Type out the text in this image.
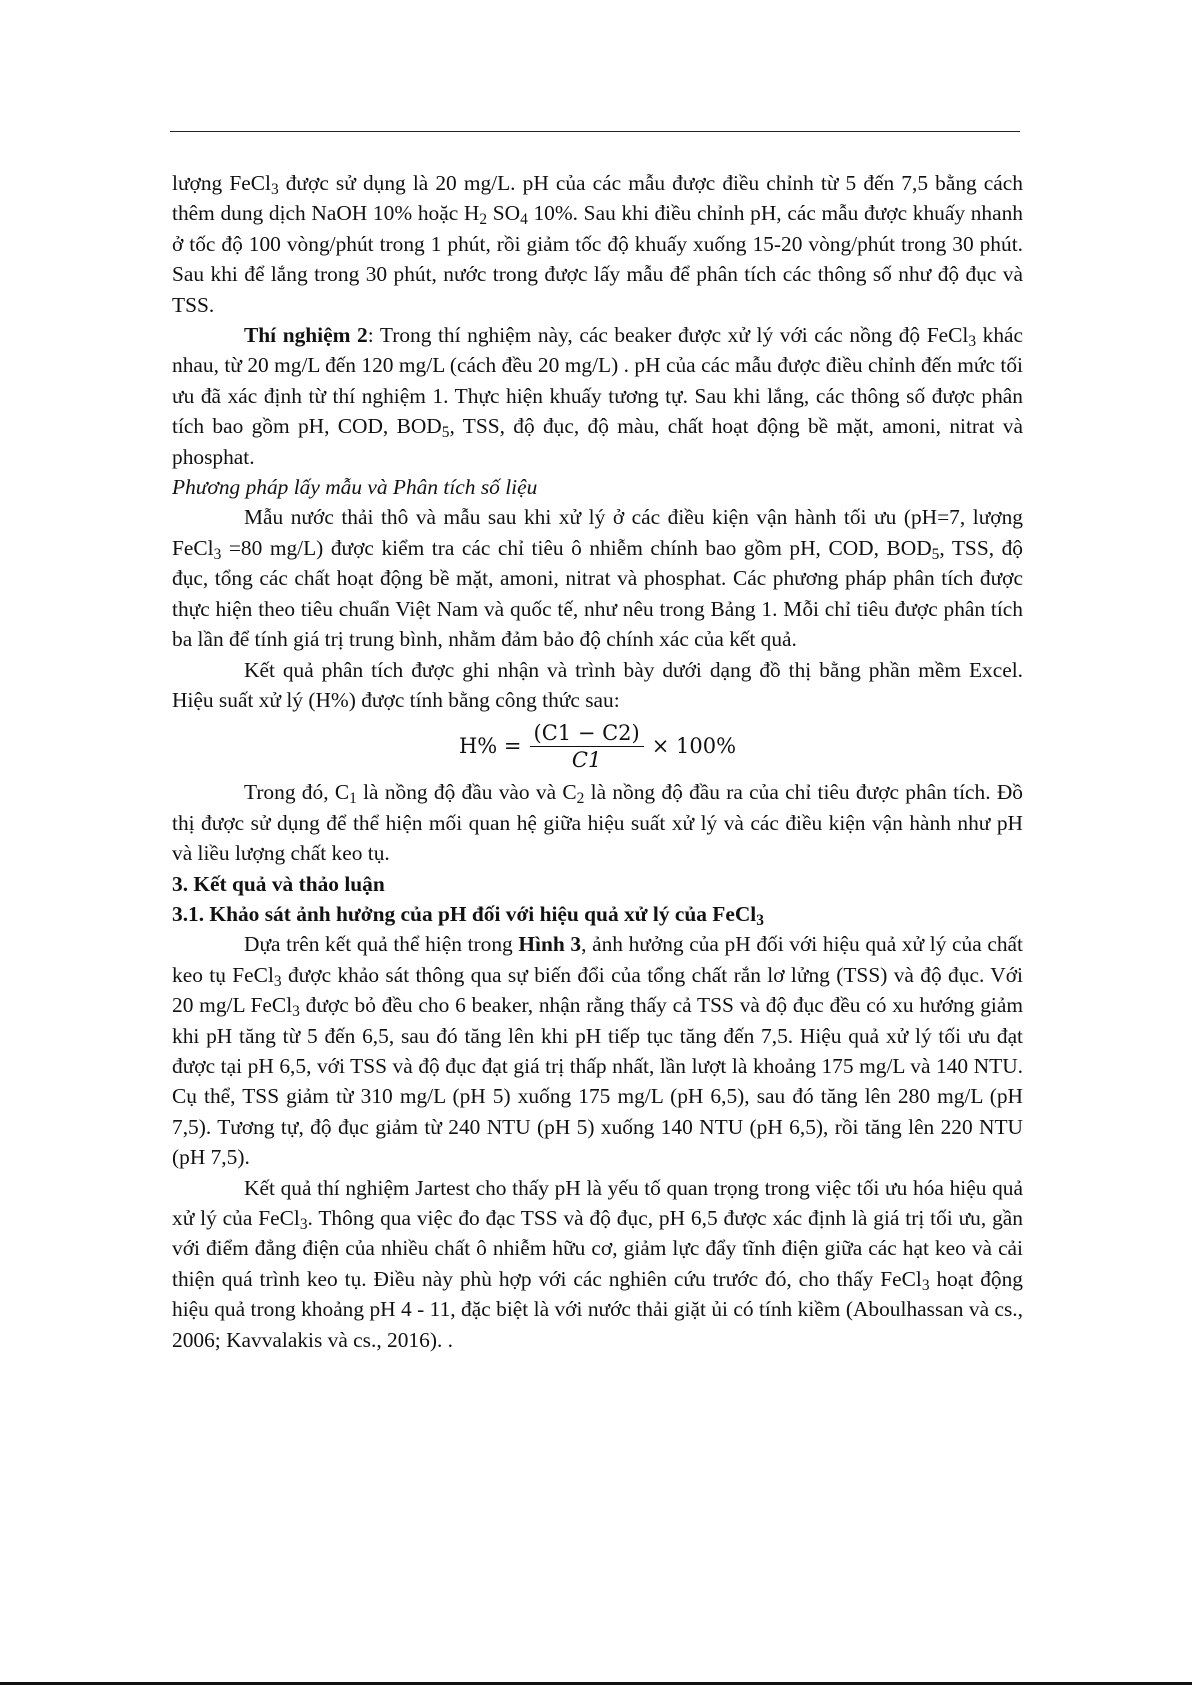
lượng FeCl$_3$ được sử dụng là 20 mg/L. pH của các mẫu được điều chỉnh từ 5 đến 7,5 bằng cách thêm dung dịch NaOH 10% hoặc $H_2$ $SO_4$ 10%. Sau khi điều chỉnh pH, các mẫu được khuấy nhanh ở tốc độ 100 vòng/phút trong 1 phút, rồi giảm tốc độ khuấy xuống 15-20 vòng/phút trong 30 phút. Sau khi để lắng trong 30 phút, nước trong được lấy mẫu để phân tích các thông số như độ đục và TSS.

Thí nghiệm 2: Trong thí nghiệm này, các beaker được xử lý với các nồng độ FeCl$_3$ khác nhau, từ 20 mg/L đến 120 mg/L (cách đều 20 mg/L) . pH của các mẫu được điều chỉnh đến mức tối ưu đã xác định từ thí nghiệm 1. Thực hiện khuấy tương tự. Sau khi lắng, các thông số được phân tích bao gồm pH, COD, $BOD_5$, TSS, độ đục, độ màu, chất hoạt động bề mặt, amoni, nitrat và phosphat.

Phương pháp lấy mẫu và Phân tích số liệu

Mẫu nước thải thô và mẫu sau khi xử lý ở các điều kiện vận hành tối ưu (pH=7, lượng FeCl$_3$ =80 mg/L) được kiểm tra các chỉ tiêu ô nhiễm chính bao gồm pH, COD, $BOD_5$, TSS, độ đục, tổng các chất hoạt động bề mặt, amoni, nitrat và phosphat. Các phương pháp phân tích được thực hiện theo tiêu chuẩn Việt Nam và quốc tế, như nêu trong Bảng 1. Mỗi chỉ tiêu được phân tích ba lần để tính giá trị trung bình, nhằm đảm bảo độ chính xác của kết quả.

Kết quả phân tích được ghi nhận và trình bày dưới dạng đồ thị bằng phần mềm Excel. Hiệu suất xử lý (H%) được tính bằng công thức sau:

$H\% = \frac{(C1 - C2)}{C1} \times 100\%$

Trong đó, $C_1$ là nồng độ đầu vào và $C_2$ là nồng độ đầu ra của chỉ tiêu được phân tích. Đồ thị được sử dụng để thể hiện mối quan hệ giữa hiệu suất xử lý và các điều kiện vận hành như pH và liều lượng chất keo tụ.

3. Kết quả và thảo luận

3.1. Khảo sát ảnh hưởng của pH đối với hiệu quả xử lý của FeCl$_3$

Dựa trên kết quả thể hiện trong Hình 3, ảnh hưởng của pH đối với hiệu quả xử lý của chất keo tụ FeCl$_3$ được khảo sát thông qua sự biến đổi của tổng chất rắn lơ lửng (TSS) và độ đục. Với 20 mg/L FeCl$_3$ được bỏ đều cho 6 beaker, nhận rằng thấy cả TSS và độ đục đều có xu hướng giảm khi pH tăng từ 5 đến 6,5, sau đó tăng lên khi pH tiếp tục tăng đến 7,5. Hiệu quả xử lý tối ưu đạt được tại pH 6,5, với TSS và độ đục đạt giá trị thấp nhất, lần lượt là khoảng 175 mg/L và 140 NTU. Cụ thể, TSS giảm từ 310 mg/L (pH 5) xuống 175 mg/L (pH 6,5), sau đó tăng lên 280 mg/L (pH 7,5). Tương tự, độ đục giảm từ 240 NTU (pH 5) xuống 140 NTU (pH 6,5), rồi tăng lên 220 NTU (pH 7,5).

Kết quả thí nghiệm Jartest cho thấy pH là yếu tố quan trọng trong việc tối ưu hóa hiệu quả xử lý của FeCl$_3$. Thông qua việc đo đạc TSS và độ đục, pH 6,5 được xác định là giá trị tối ưu, gần với điểm đẳng điện của nhiều chất ô nhiễm hữu cơ, giảm lực đẩy tĩnh điện giữa các hạt keo và cải thiện quá trình keo tụ. Điều này phù hợp với các nghiên cứu trước đó, cho thấy FeCl$_3$ hoạt động hiệu quả trong khoảng pH 4 - 11, đặc biệt là với nước thải giặt ủi có tính kiềm (Aboulhassan và cs., 2006; Kavvalakis và cs., 2016). .
